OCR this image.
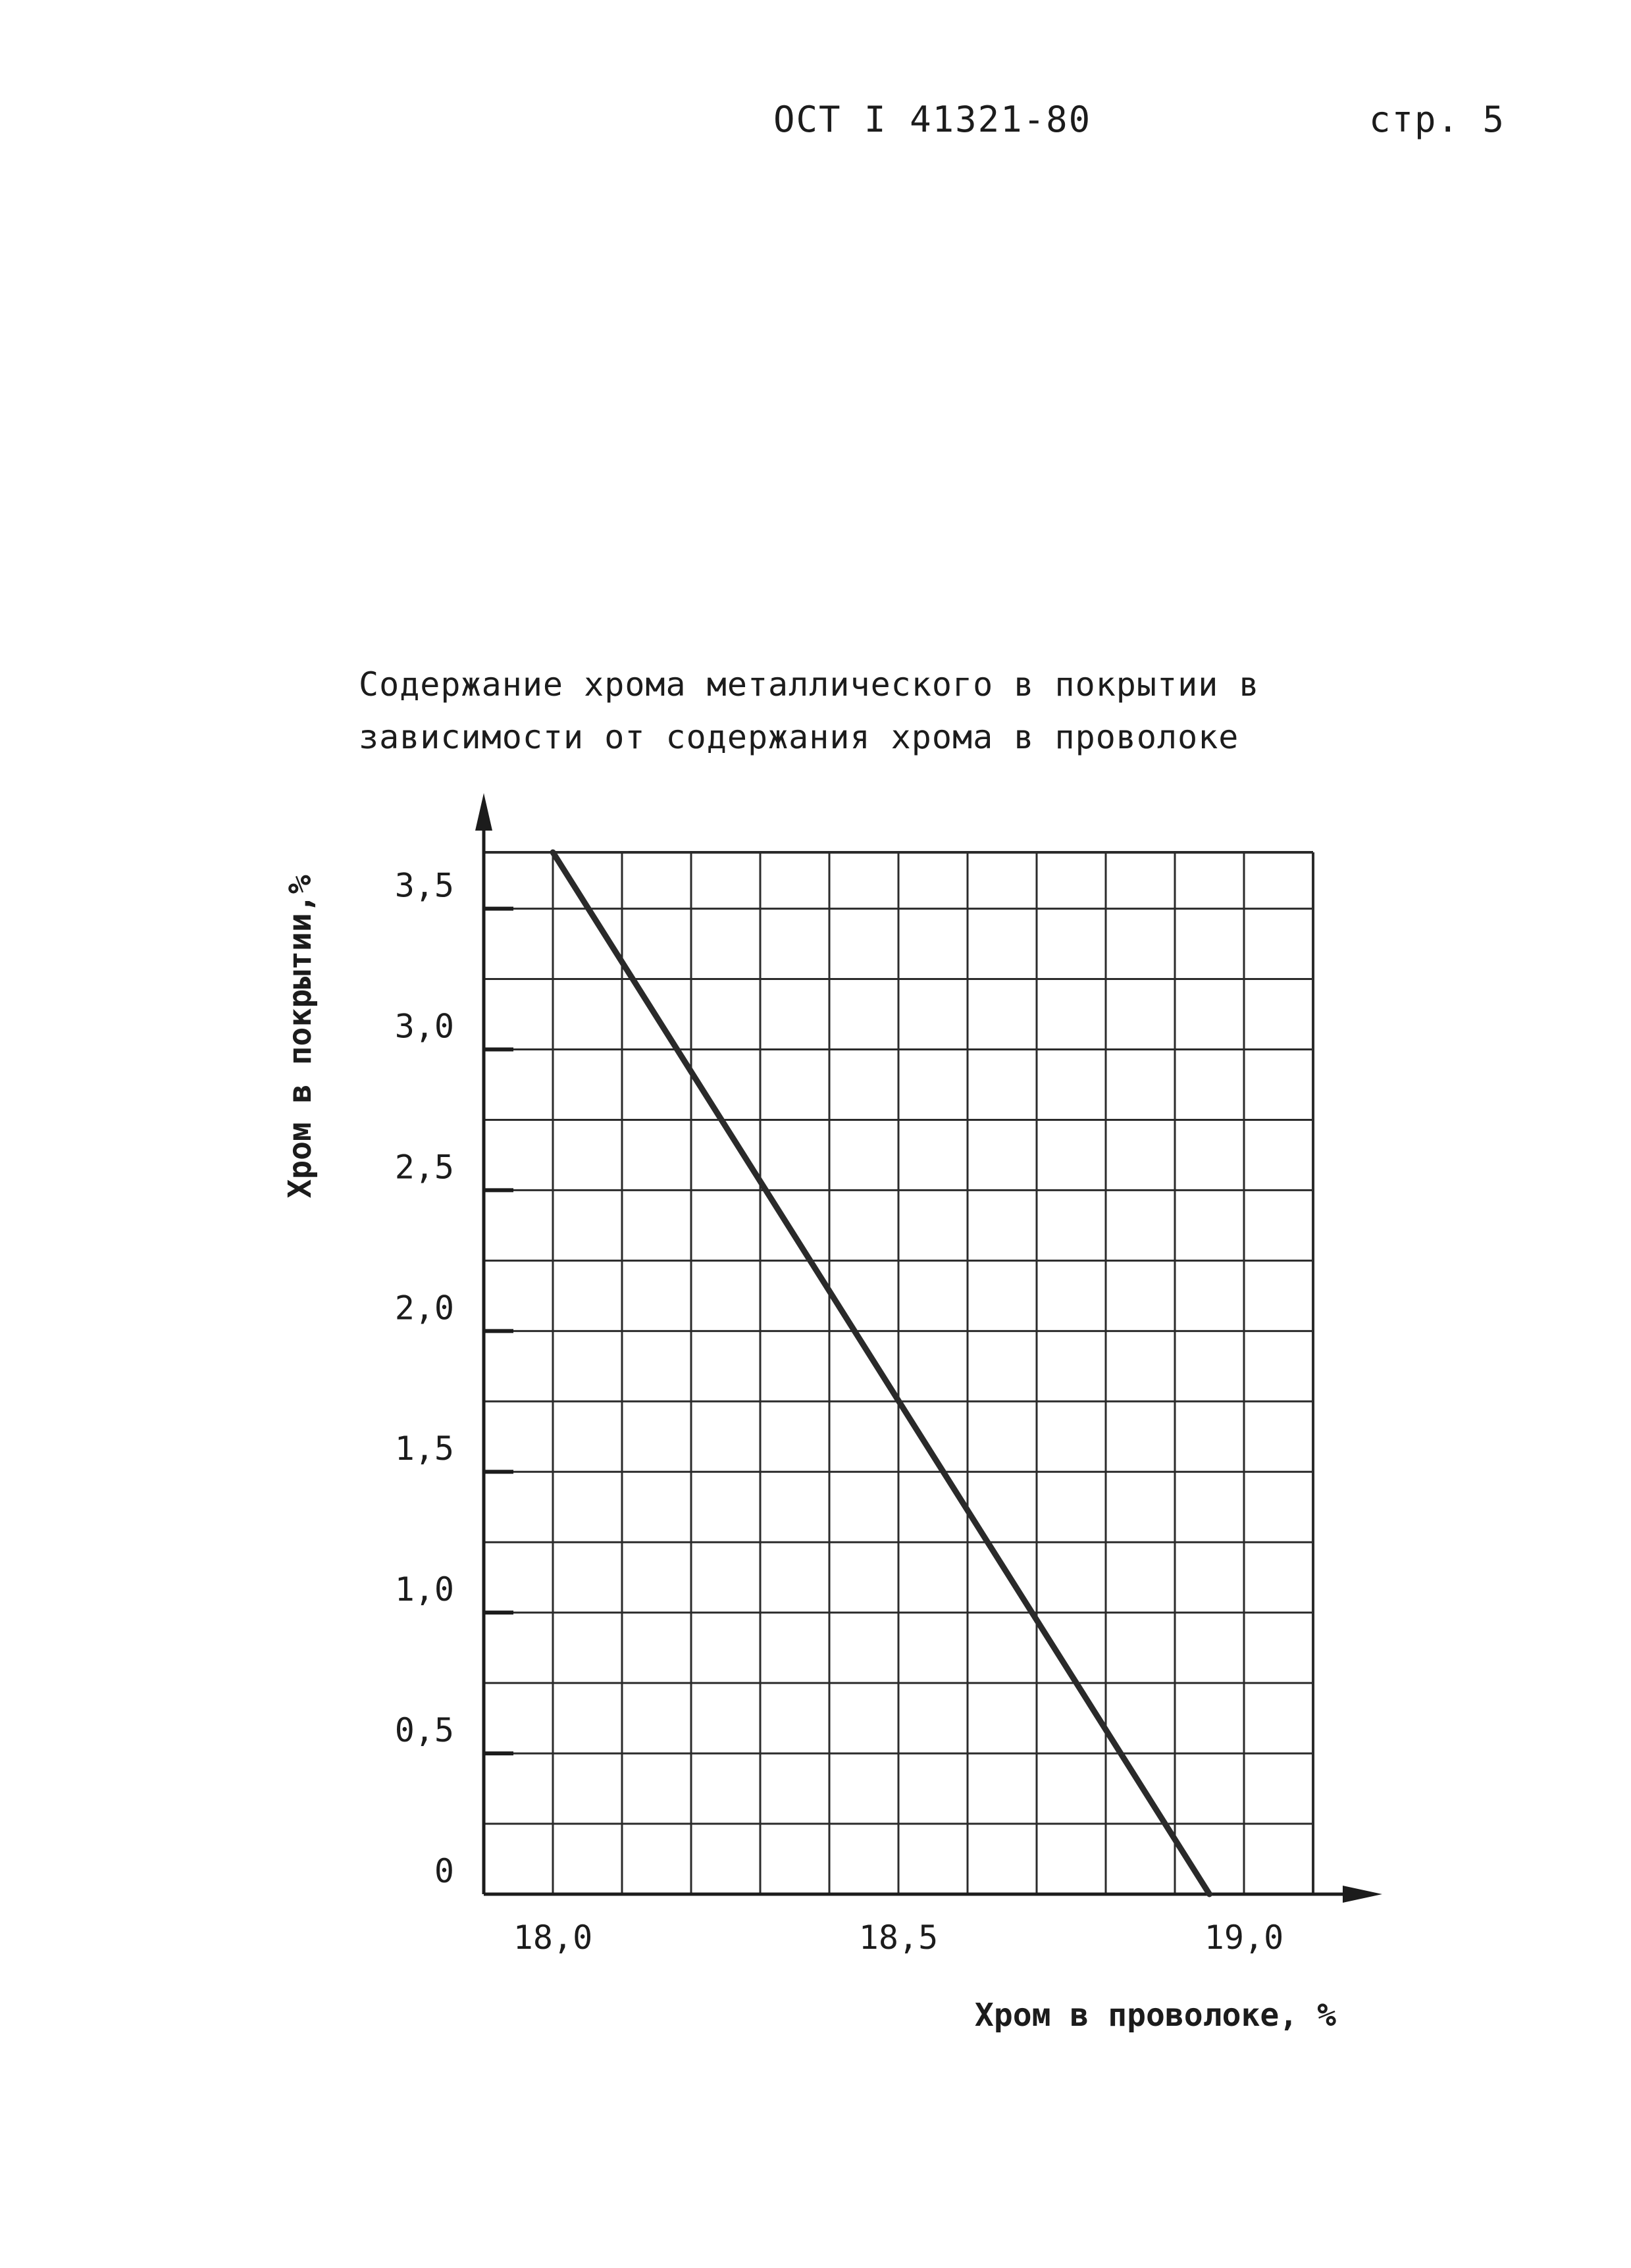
ОСТ I 41321-80	стр. 5
Содержание хрома металлического в покрытии в
зависимости от содержания хрома в проволоке
0
0,5
1,0
1,5
2,0
2,5
3,0
3,5
18,0	18,5	19,0
Хром в проволоке, %
Хром в покрытии,%
